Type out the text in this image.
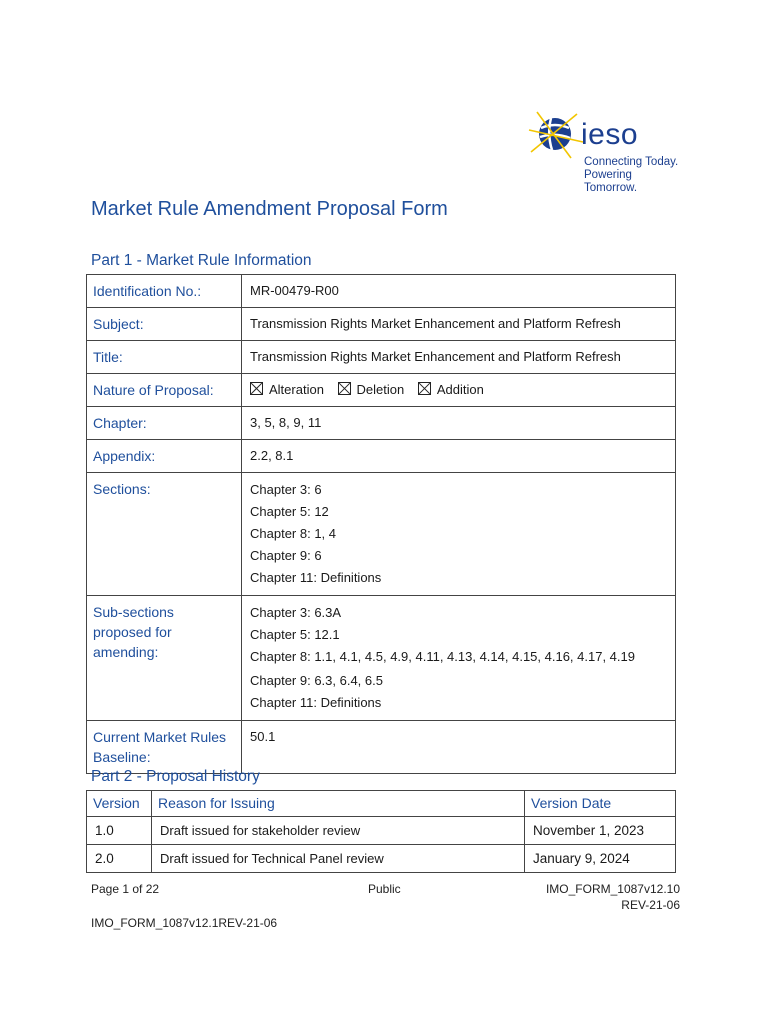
ieso
Connecting Today.
Powering Tomorrow.
Market Rule Amendment Proposal Form
Part 1 - Market Rule Information
Identification No.:	MR-00479-R00
Subject:	Transmission Rights Market Enhancement and Platform Refresh
Title:	Transmission Rights Market Enhancement and Platform Refresh
Nature of Proposal:	Alteration Deletion Addition
Chapter:	3, 5, 8, 9, 11
Appendix:	2.2, 8.1
Sections:	Chapter 3: 6
Chapter 5: 12
Chapter 8: 1, 4
Chapter 9: 6
Chapter 11: Definitions

Sub-sections proposed for amending:	Chapter 3: 6.3A
Chapter 5: 12.1
Chapter 8: 1.1, 4.1, 4.5, 4.9, 4.11, 4.13, 4.14, 4.15, 4.16, 4.17, 4.19
Chapter 9: 6.3, 6.4, 6.5
Chapter 11: Definitions

Current Market Rules Baseline:	50.1
Part 2 - Proposal History
Version	Reason for Issuing	Version Date
1.0	Draft issued for stakeholder review	November 1, 2023
2.0	Draft issued for Technical Panel review	January 9, 2024
Page 1 of 22	Public	IMO_FORM_1087v12.10
REV-21-06
IMO_FORM_1087v12.1REV-21-06
